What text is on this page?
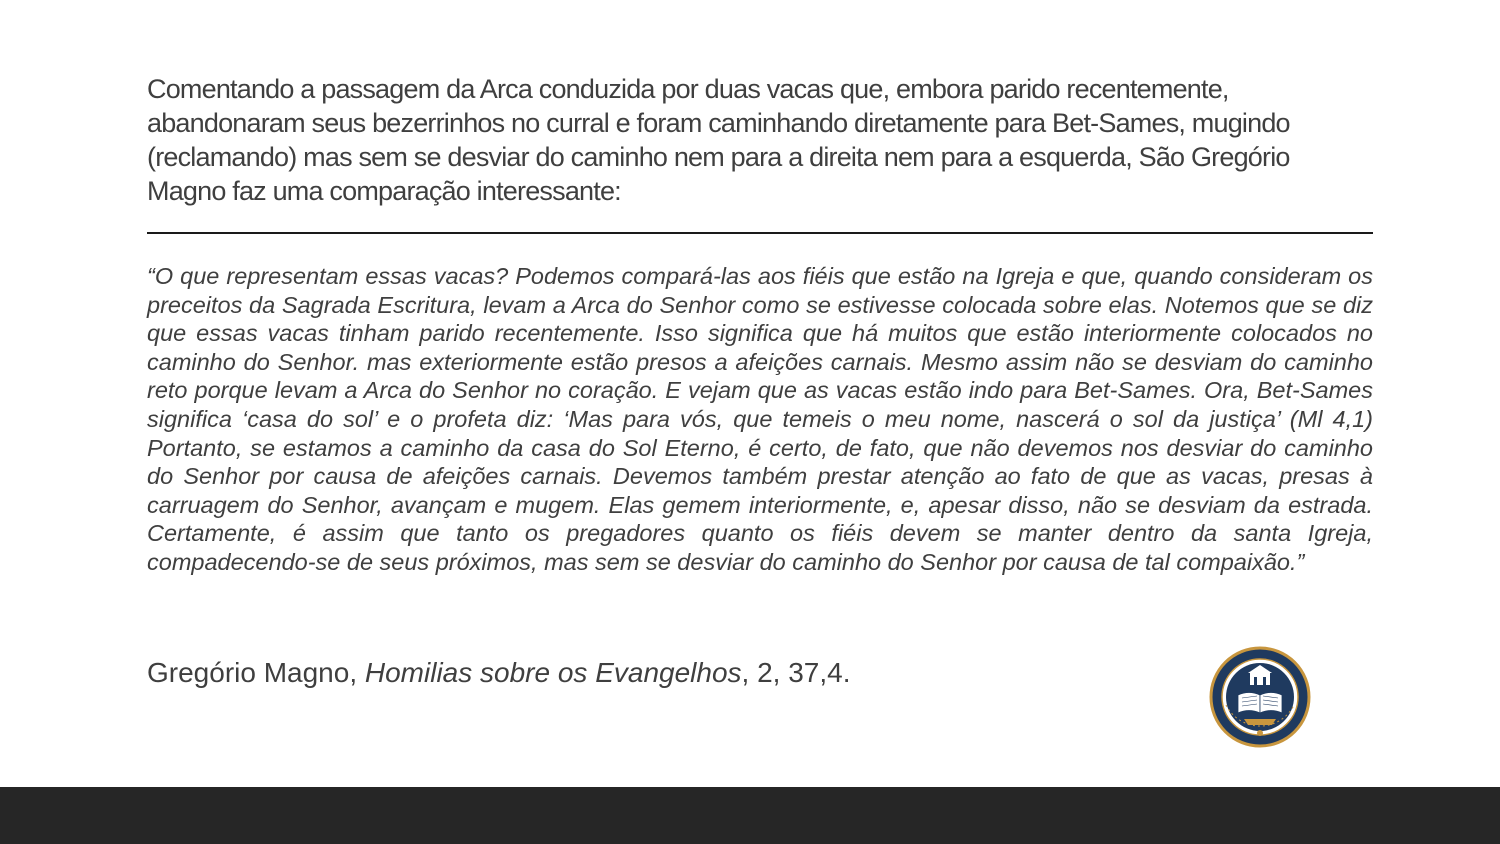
Comentando a passagem da Arca conduzida por duas vacas que, embora parido recentemente, abandonaram seus bezerrinhos no curral e foram caminhando diretamente para Bet-Sames, mugindo (reclamando) mas sem se desviar do caminho nem para a direita nem para a esquerda, São Gregório Magno faz uma comparação interessante:

“O que representam essas vacas? Podemos compará-las aos fiéis que estão na Igreja e que, quando consideram os preceitos da Sagrada Escritura, levam a Arca do Senhor como se estivesse colocada sobre elas. Notemos que se diz que essas vacas tinham parido recentemente. Isso significa que há muitos que estão interiormente colocados no caminho do Senhor. mas exteriormente estão presos a afeições carnais. Mesmo assim não se desviam do caminho reto porque levam a Arca do Senhor no coração. E vejam que as vacas estão indo para Bet-Sames. Ora, Bet-Sames significa ‘casa do sol’ e o profeta diz: ‘Mas para vós, que temeis o meu nome, nascerá o sol da justiça’ (Ml 4,1) Portanto, se estamos a caminho da casa do Sol Eterno, é certo, de fato, que não devemos nos desviar do caminho do Senhor por causa de afeições carnais. Devemos também prestar atenção ao fato de que as vacas, presas à carruagem do Senhor, avançam e mugem. Elas gemem interiormente, e, apesar disso, não se desviam da estrada. Certamente, é assim que tanto os pregadores quanto os fiéis devem se manter dentro da santa Igreja, compadecendo-se de seus próximos, mas sem se desviar do caminho do Senhor por causa de tal compaixão.”

Gregório Magno, Homilias sobre os Evangelhos, 2, 37,4.
